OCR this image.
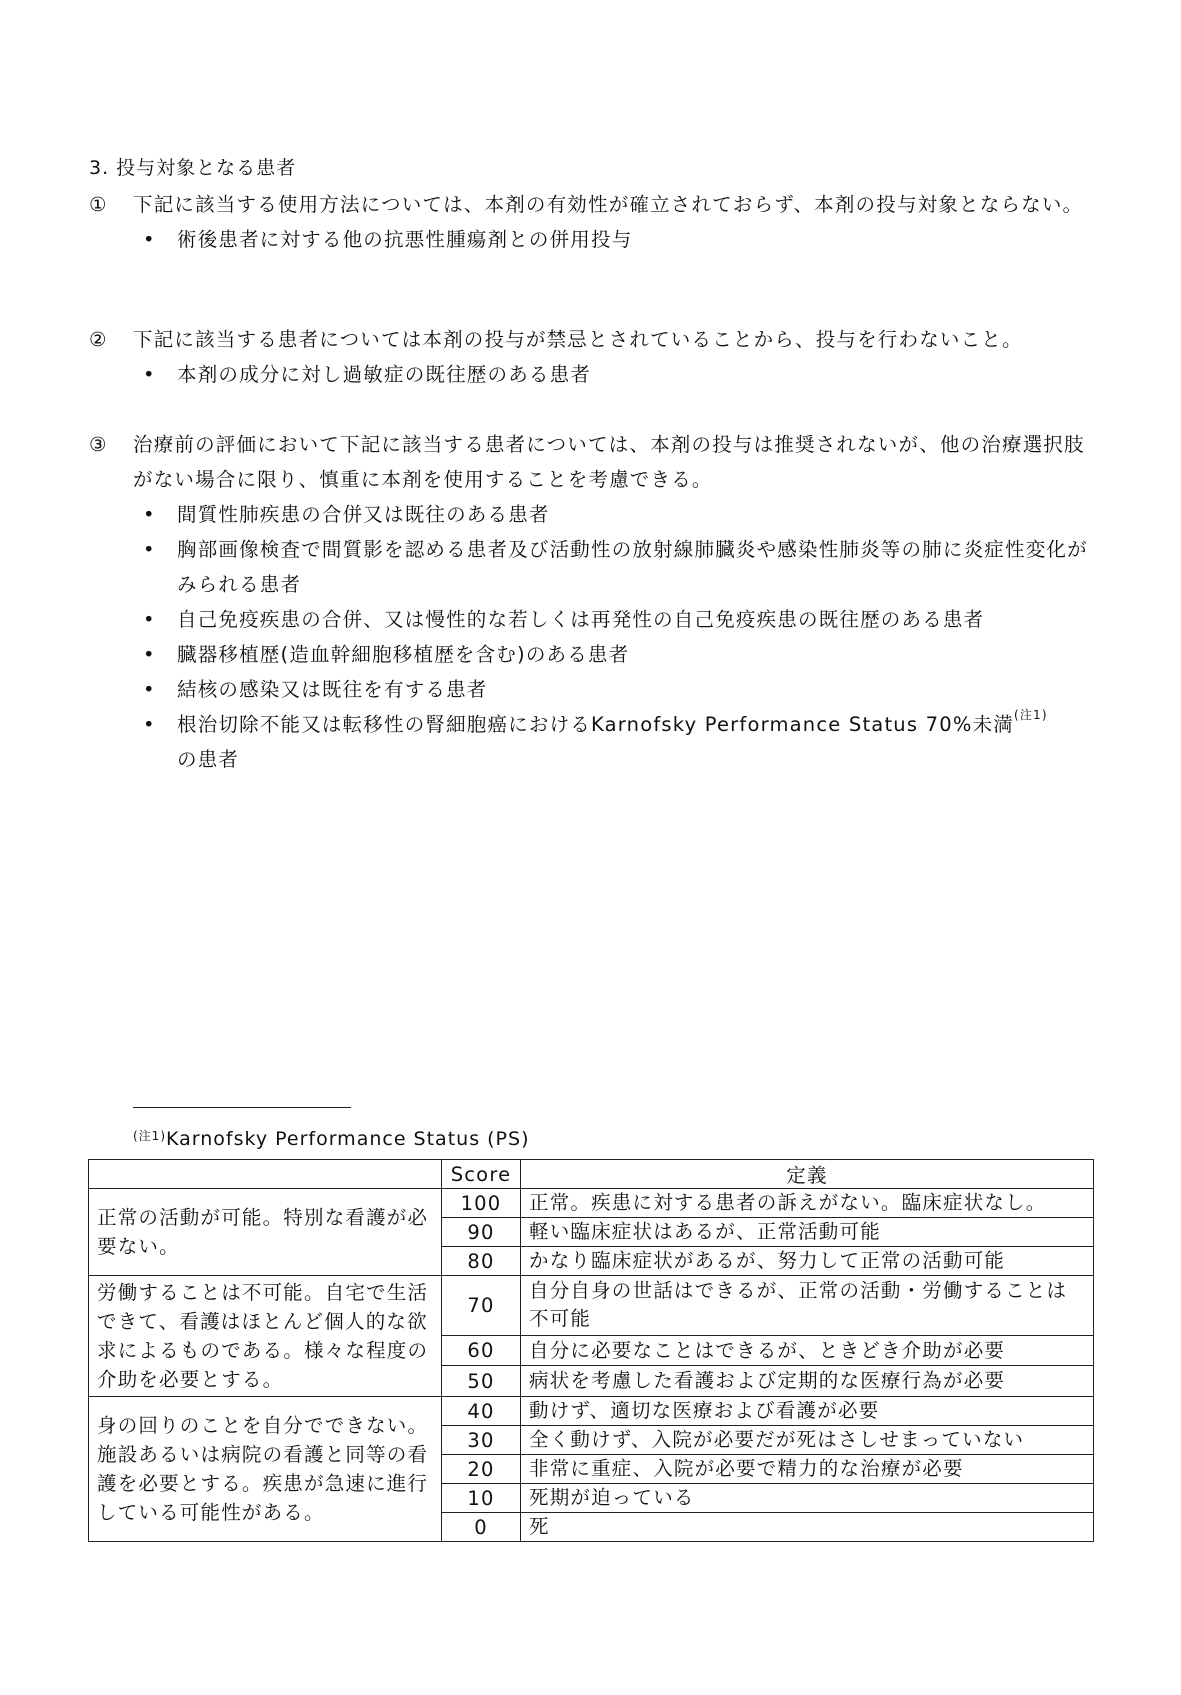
3. 投与対象となる患者
①	下記に該当する使用方法については、本剤の有効性が確立されておらず、本剤の投与対象とならない。
• 術後患者に対する他の抗悪性腫瘍剤との併用投与
②	下記に該当する患者については本剤の投与が禁忌とされていることから、投与を行わないこと。
• 本剤の成分に対し過敏症の既往歴のある患者
③	治療前の評価において下記に該当する患者については、本剤の投与は推奨されないが、他の治療選択肢がない場合に限り、慎重に本剤を使用することを考慮できる。
• 間質性肺疾患の合併又は既往のある患者
• 胸部画像検査で間質影を認める患者及び活動性の放射線肺臓炎や感染性肺炎等の肺に炎症性変化がみられる患者
• 自己免疫疾患の合併、又は慢性的な若しくは再発性の自己免疫疾患の既往歴のある患者
• 臓器移植歴(造血幹細胞移植歴を含む)のある患者
• 結核の感染又は既往を有する患者
• 根治切除不能又は転移性の腎細胞癌におけるKarnofsky Performance Status 70%未満$^{(注1)}$
の患者
$^{(注1)}$Karnofsky Performance Status (PS)
	Score	定義
正常の活動が可能。特別な看護が必要ない。	100	正常。疾患に対する患者の訴えがない。臨床症状なし。
	90	軽い臨床症状はあるが、正常活動可能
	80	かなり臨床症状があるが、努力して正常の活動可能
労働することは不可能。自宅で生活できて、看護はほとんど個人的な欲求によるものである。様々な程度の介助を必要とする。	70	自分自身の世話はできるが、正常の活動・労働することは不可能
	60	自分に必要なことはできるが、ときどき介助が必要
	50	病状を考慮した看護および定期的な医療行為が必要
身の回りのことを自分でできない。施設あるいは病院の看護と同等の看護を必要とする。疾患が急速に進行している可能性がある。	40	動けず、適切な医療および看護が必要
	30	全く動けず、入院が必要だが死はさしせまっていない
	20	非常に重症、入院が必要で精力的な治療が必要
	10	死期が迫っている
	0	死
